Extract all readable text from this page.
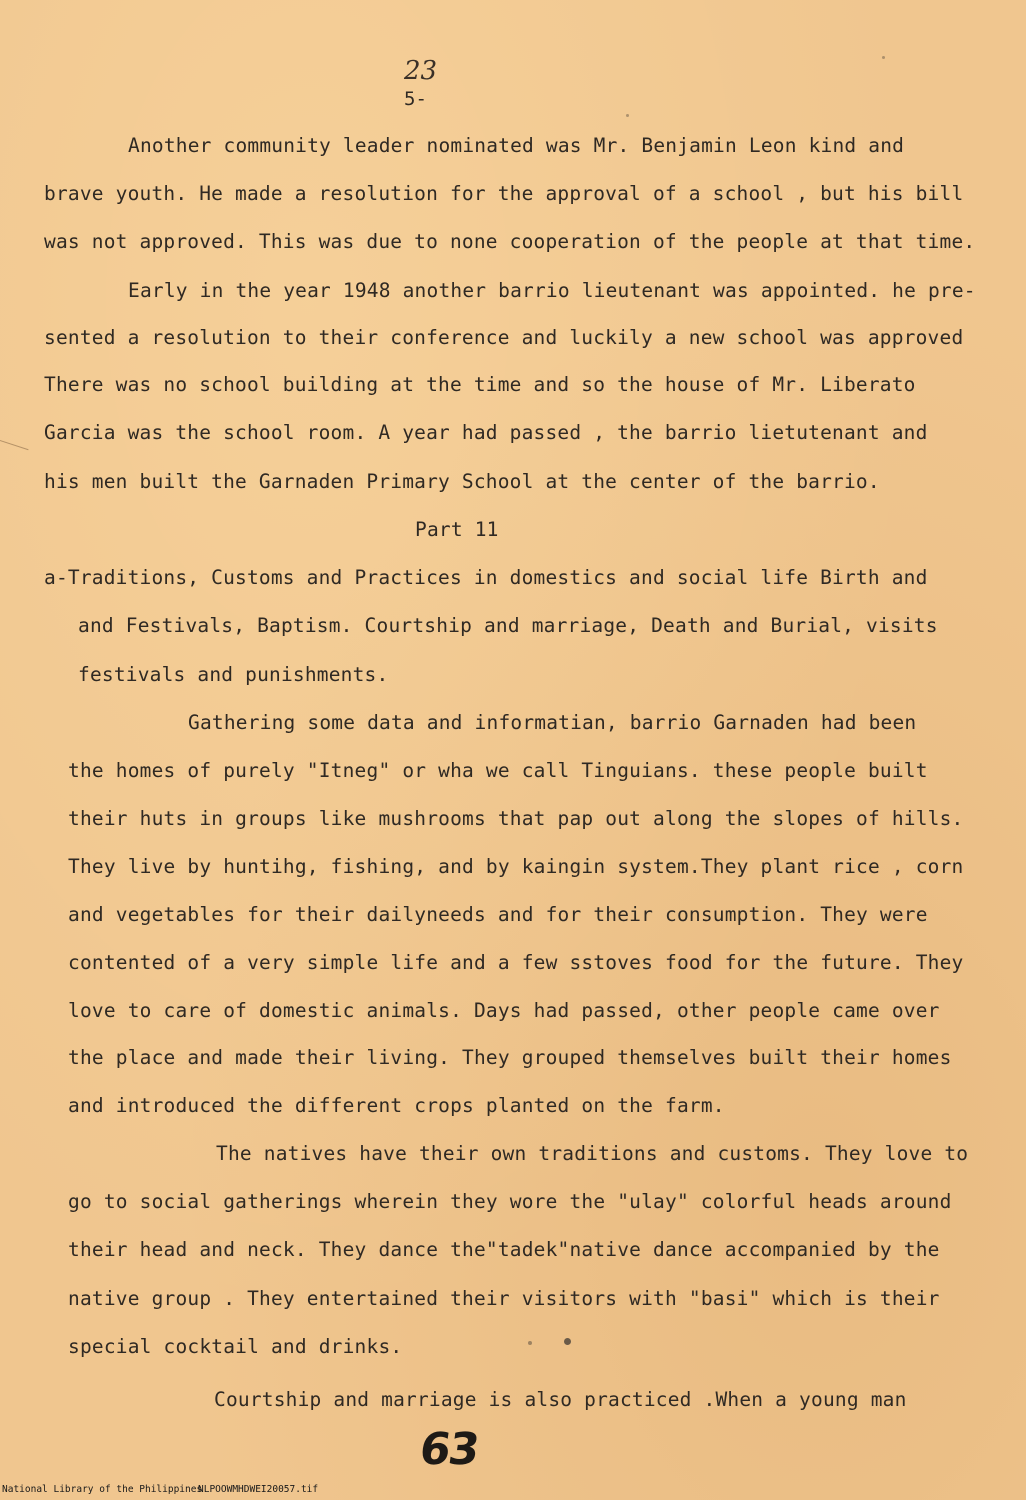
23
5-
Another community leader nominated was Mr. Benjamin Leon kind and
brave youth. He made a resolution for the approval of a school , but his bill
was not approved. This was due to none cooperation of the people at that time.
Early in the year 1948 another barrio lieutenant was appointed. he pre-
sented a resolution to their conference and luckily a new school was approved
There was no school building at the time and so the house of Mr. Liberato
Garcia was the school room. A year had passed , the barrio lietutenant and
his men built the Garnaden Primary School at the center of the barrio.
Part 11
a-Traditions, Customs and Practices in domestics and social life Birth and
and Festivals, Baptism. Courtship and marriage, Death and Burial, visits
festivals and punishments.
Gathering some data and informatian, barrio Garnaden had been
the homes of purely "Itneg" or wha we call Tinguians. these people built
their huts in groups like mushrooms that pap out along the slopes of hills.
They live by huntihg, fishing, and by kaingin system.They plant rice , corn
and vegetables for their dailyneeds and for their consumption. They were
contented of a very simple life and a few sstoves food for the future. They
love to care of domestic animals. Days had passed, other people came over
the place and made their living. They grouped themselves built their homes
and introduced the different crops planted on the farm.
The natives have their own traditions and customs. They love to
go to social gatherings wherein they wore the "ulay" colorful heads around
their head and neck. They dance the"tadek"native dance accompanied by the
native group . They entertained their visitors with "basi" which is their
special cocktail and drinks.
Courtship and marriage is also practiced .When a young man
63
National Library of the Philippines
NLPOOWMHDWEI20057.tif
